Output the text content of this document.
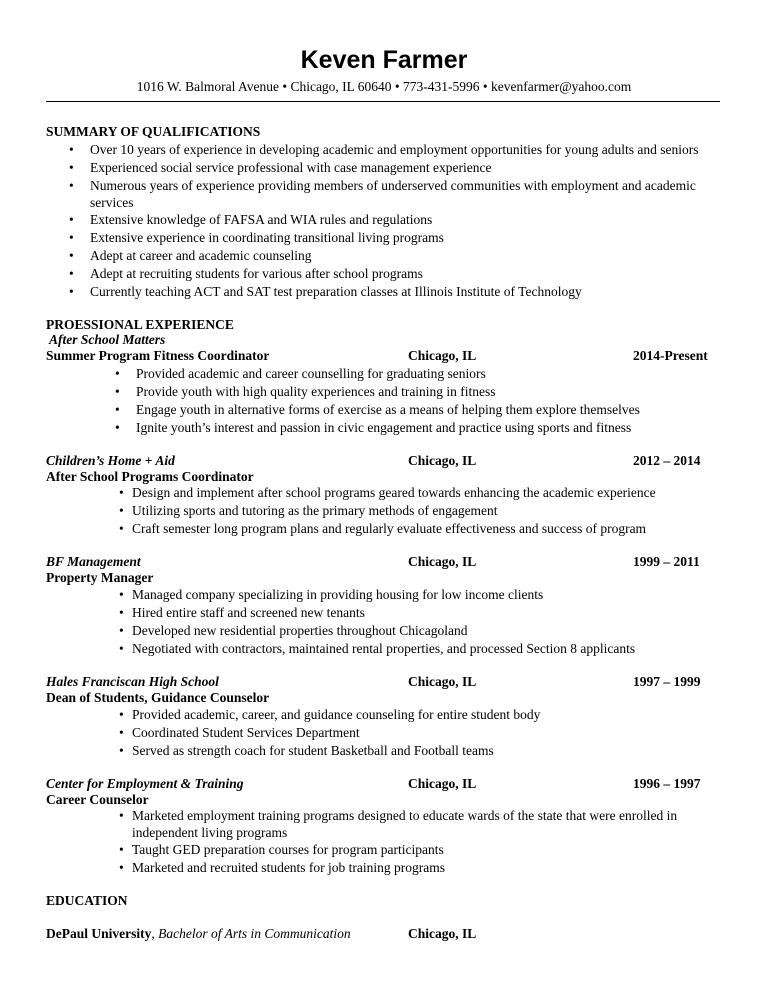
Keven Farmer
1016 W. Balmoral Avenue • Chicago, IL 60640 • 773-431-5996 • kevenfarmer@yahoo.com
SUMMARY OF QUALIFICATIONS
• Over 10 years of experience in developing academic and employment opportunities for young adults and seniors
• Experienced social service professional with case management experience
• Numerous years of experience providing members of underserved communities with employment and academic
services
• Extensive knowledge of FAFSA and WIA rules and regulations
• Extensive experience in coordinating transitional living programs
• Adept at career and academic counseling
• Adept at recruiting students for various after school programs
• Currently teaching ACT and SAT test preparation classes at Illinois Institute of Technology
PROESSIONAL EXPERIENCE
After School Matters
Summer Program Fitness Coordinator	Chicago, IL	2014-Present
• Provided academic and career counselling for graduating seniors
• Provide youth with high quality experiences and training in fitness
• Engage youth in alternative forms of exercise as a means of helping them explore themselves
• Ignite youth’s interest and passion in civic engagement and practice using sports and fitness
Children’s Home + Aid	Chicago, IL	2012 – 2014
After School Programs Coordinator
• Design and implement after school programs geared towards enhancing the academic experience
• Utilizing sports and tutoring as the primary methods of engagement
• Craft semester long program plans and regularly evaluate effectiveness and success of program
BF Management	Chicago, IL	1999 – 2011
Property Manager
• Managed company specializing in providing housing for low income clients
• Hired entire staff and screened new tenants
• Developed new residential properties throughout Chicagoland
• Negotiated with contractors, maintained rental properties, and processed Section 8 applicants
Hales Franciscan High School	Chicago, IL	1997 – 1999
Dean of Students, Guidance Counselor
• Provided academic, career, and guidance counseling for entire student body
• Coordinated Student Services Department
• Served as strength coach for student Basketball and Football teams
Center for Employment & Training	Chicago, IL	1996 – 1997
Career Counselor
• Marketed employment training programs designed to educate wards of the state that were enrolled in
independent living programs
• Taught GED preparation courses for program participants
• Marketed and recruited students for job training programs
EDUCATION
DePaul University, Bachelor of Arts in Communication	Chicago, IL
